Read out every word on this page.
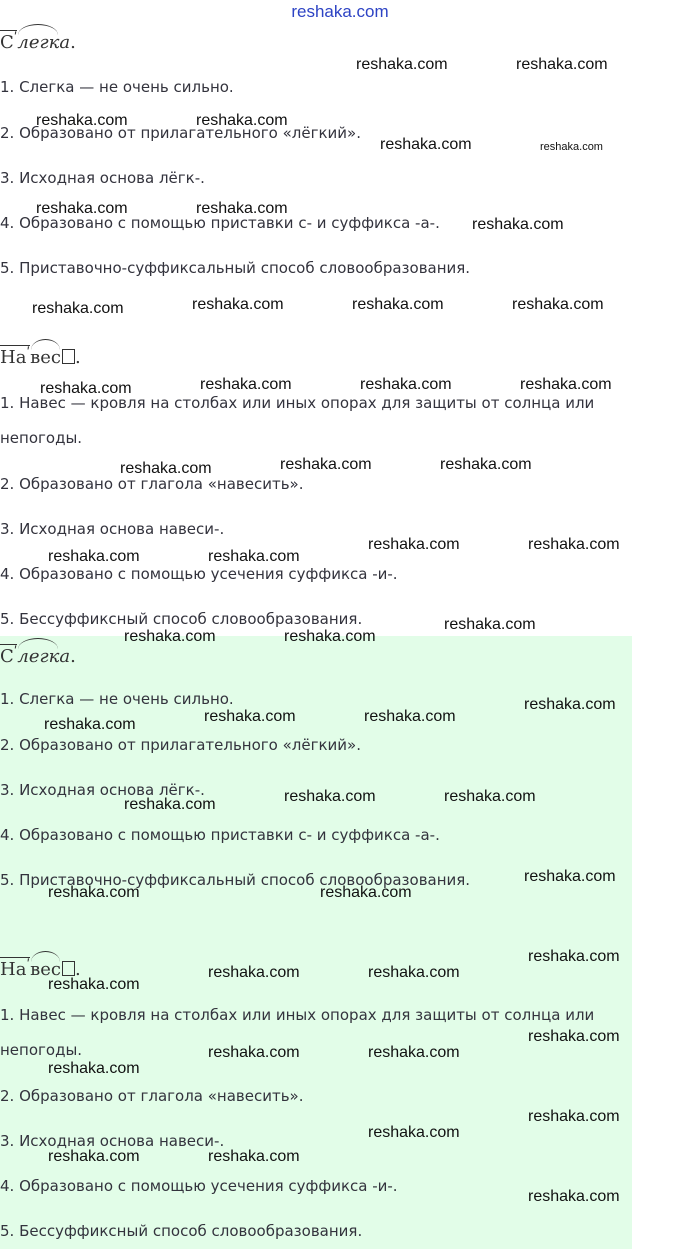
reshaka.com
$С^ʹлегка$.

1. Слегка — не очень сильно.

2. Образовано от прилагательного «лёгкий».

3. Исходная основа лёгк-.

4. Образовано с помощью приставки с- и суффикса -а-.

5. Приставочно-суффиксальный способ словообразования.

$На^ʹвес$ .

1. Навес — кровля на столбах или иных опорах для защиты от солнца или непогоды.

2. Образовано от глагола «навесить».

3. Исходная основа навеси-.

4. Образовано с помощью усечения суффикса -и-.

5. Бессуффиксный способ словообразования.

$С^ʹлегка$.

1. Слегка — не очень сильно.

2. Образовано от прилагательного «лёгкий».

3. Исходная основа лёгк-.

4. Образовано с помощью приставки с- и суффикса -а-.

5. Приставочно-суффиксальный способ словообразования.

$На^ʹвес$ .

1. Навес — кровля на столбах или иных опорах для защиты от солнца или непогоды.

2. Образовано от глагола «навесить».

3. Исходная основа навеси-.

4. Образовано с помощью усечения суффикса -и-.

5. Бессуффиксный способ словообразования.

reshaka.com	reshaka.com
reshaka.com	reshaka.com
reshaka.com	reshaka.com
reshaka.com	reshaka.com
reshaka.com
reshaka.com	reshaka.com	reshaka.com	reshaka.com
reshaka.com	reshaka.com	reshaka.com	reshaka.com
reshaka.com	reshaka.com	reshaka.com
reshaka.com	reshaka.com
reshaka.com	reshaka.com
reshaka.com	reshaka.com
reshaka.com
reshaka.com
reshaka.com	reshaka.com	reshaka.com
reshaka.com	reshaka.com	reshaka.com
reshaka.com
reshaka.com	reshaka.com
reshaka.com
reshaka.com
reshaka.com	reshaka.com
reshaka.com
reshaka.com	reshaka.com
reshaka.com
reshaka.com
reshaka.com
reshaka.com	reshaka.com
reshaka.com
